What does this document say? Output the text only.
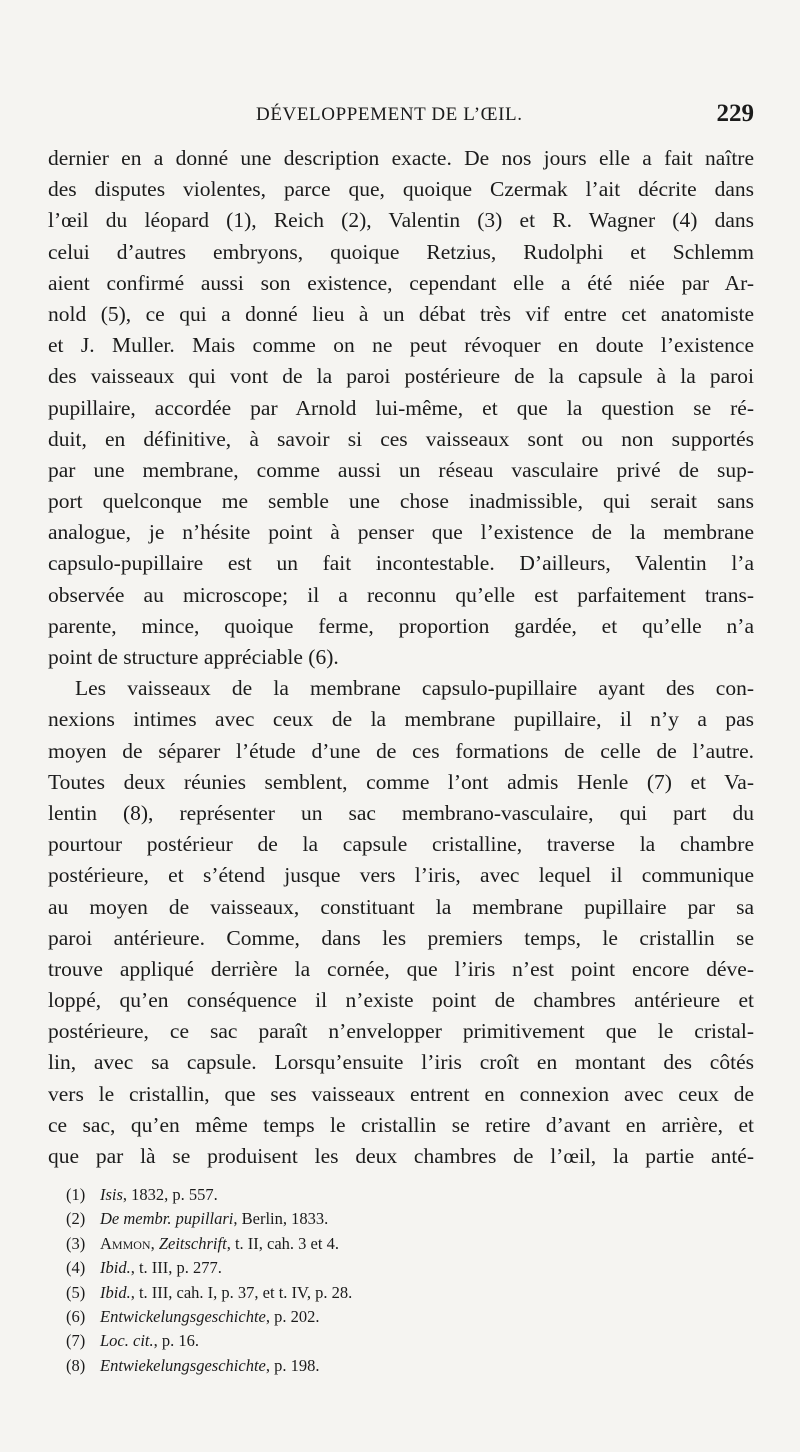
DÉVELOPPEMENT DE L’ŒIL.	229
dernier en a donné une description exacte. De nos jours elle a fait naître
des disputes violentes, parce que, quoique Czermak l’ait décrite dans
l’œil du léopard (1), Reich (2), Valentin (3) et R. Wagner (4) dans
celui d’autres embryons, quoique Retzius, Rudolphi et Schlemm
aient confirmé aussi son existence, cependant elle a été niée par Ar-
nold (5), ce qui a donné lieu à un débat très vif entre cet anatomiste
et J. Muller. Mais comme on ne peut révoquer en doute l’existence
des vaisseaux qui vont de la paroi postérieure de la capsule à la paroi
pupillaire, accordée par Arnold lui-même, et que la question se ré-
duit, en définitive, à savoir si ces vaisseaux sont ou non supportés
par une membrane, comme aussi un réseau vasculaire privé de sup-
port quelconque me semble une chose inadmissible, qui serait sans
analogue, je n’hésite point à penser que l’existence de la membrane
capsulo-pupillaire est un fait incontestable. D’ailleurs, Valentin l’a
observée au microscope; il a reconnu qu’elle est parfaitement trans-
parente, mince, quoique ferme, proportion gardée, et qu’elle n’a
point de structure appréciable (6).
Les vaisseaux de la membrane capsulo-pupillaire ayant des con-
nexions intimes avec ceux de la membrane pupillaire, il n’y a pas
moyen de séparer l’étude d’une de ces formations de celle de l’autre.
Toutes deux réunies semblent, comme l’ont admis Henle (7) et Va-
lentin (8), représenter un sac membrano-vasculaire, qui part du
pourtour postérieur de la capsule cristalline, traverse la chambre
postérieure, et s’étend jusque vers l’iris, avec lequel il communique
au moyen de vaisseaux, constituant la membrane pupillaire par sa
paroi antérieure. Comme, dans les premiers temps, le cristallin se
trouve appliqué derrière la cornée, que l’iris n’est point encore déve-
loppé, qu’en conséquence il n’existe point de chambres antérieure et
postérieure, ce sac paraît n’envelopper primitivement que le cristal-
lin, avec sa capsule. Lorsqu’ensuite l’iris croît en montant des côtés
vers le cristallin, que ses vaisseaux entrent en connexion avec ceux de
ce sac, qu’en même temps le cristallin se retire d’avant en arrière, et
que par là se produisent les deux chambres de l’œil, la partie anté-
(1) Isis, 1832, p. 557.
(2) De membr. pupillari, Berlin, 1833.
(3) Ammon, Zeitschrift, t. II, cah. 3 et 4.
(4) Ibid., t. III, p. 277.
(5) Ibid., t. III, cah. I, p. 37, et t. IV, p. 28.
(6) Entwickelungsgeschichte, p. 202.
(7) Loc. cit., p. 16.
(8) Entwiekelungsgeschichte, p. 198.
